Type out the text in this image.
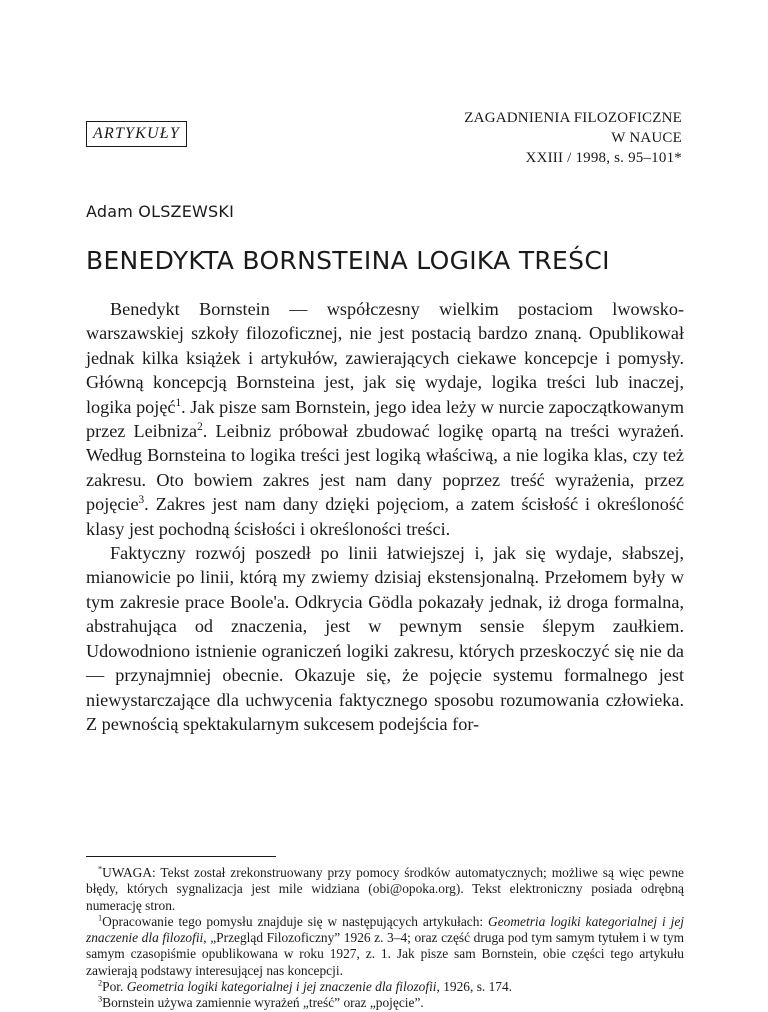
ZAGADNIENIA FILOZOFICZNE
W NAUCE
XXIII / 1998, s. 95–101*
ARTYKUŁY
Adam OLSZEWSKI
BENEDYKTA BORNSTEINA LOGIKA TREŚCI

Benedykt Bornstein — współczesny wielkim postaciom lwowsko-warszawskiej szkoły filozoficznej, nie jest postacią bardzo znaną. Opublikował jednak kilka książek i artykułów, zawierających ciekawe koncepcje i pomysły. Główną koncepcją Bornsteina jest, jak się wydaje, logika treści lub inaczej, logika pojęć$^1$. Jak pisze sam Bornstein, jego idea leży w nurcie zapoczątkowanym przez Leibniza$^2$. Leibniz próbował zbudować logikę opartą na treści wyrażeń. Według Bornsteina to logika treści jest logiką właściwą, a nie logika klas, czy też zakresu. Oto bowiem zakres jest nam dany poprzez treść wyrażenia, przez pojęcie$^3$. Zakres jest nam dany dzięki pojęciom, a zatem ścisłość i określoność klasy jest pochodną ścisłości i określoności treści.

Faktyczny rozwój poszedł po linii łatwiejszej i, jak się wydaje, słabszej, mianowicie po linii, którą my zwiemy dzisiaj ekstensjonalną. Przełomem były w tym zakresie prace Boole'a. Odkrycia Gödla pokazały jednak, iż droga formalna, abstrahująca od znaczenia, jest w pewnym sensie ślepym zaułkiem. Udowodniono istnienie ograniczeń logiki zakresu, których przeskoczyć się nie da — przynajmniej obecnie. Okazuje się, że pojęcie systemu formalnego jest niewystarczające dla uchwycenia faktycznego sposobu rozumowania człowieka. Z pewnością spektakularnym sukcesem podejścia for-

*UWAGA: Tekst został zrekonstruowany przy pomocy środków automatycznych; możliwe są więc pewne błędy, których sygnalizacja jest mile widziana (obi@opoka.org). Tekst elektroniczny posiada odrębną numerację stron.

$^1$Opracowanie tego pomysłu znajduje się w następujących artykułach: Geometria logiki kategorialnej i jej znaczenie dla filozofii, „Przegląd Filozoficzny” 1926 z. 3–4; oraz część druga pod tym samym tytułem i w tym samym czasopiśmie opublikowana w roku 1927, z. 1. Jak pisze sam Bornstein, obie części tego artykułu zawierają podstawy interesującej nas koncepcji.

$^2$Por. Geometria logiki kategorialnej i jej znaczenie dla filozofii, 1926, s. 174.

$^3$Bornstein używa zamiennie wyrażeń „treść” oraz „pojęcie”.
